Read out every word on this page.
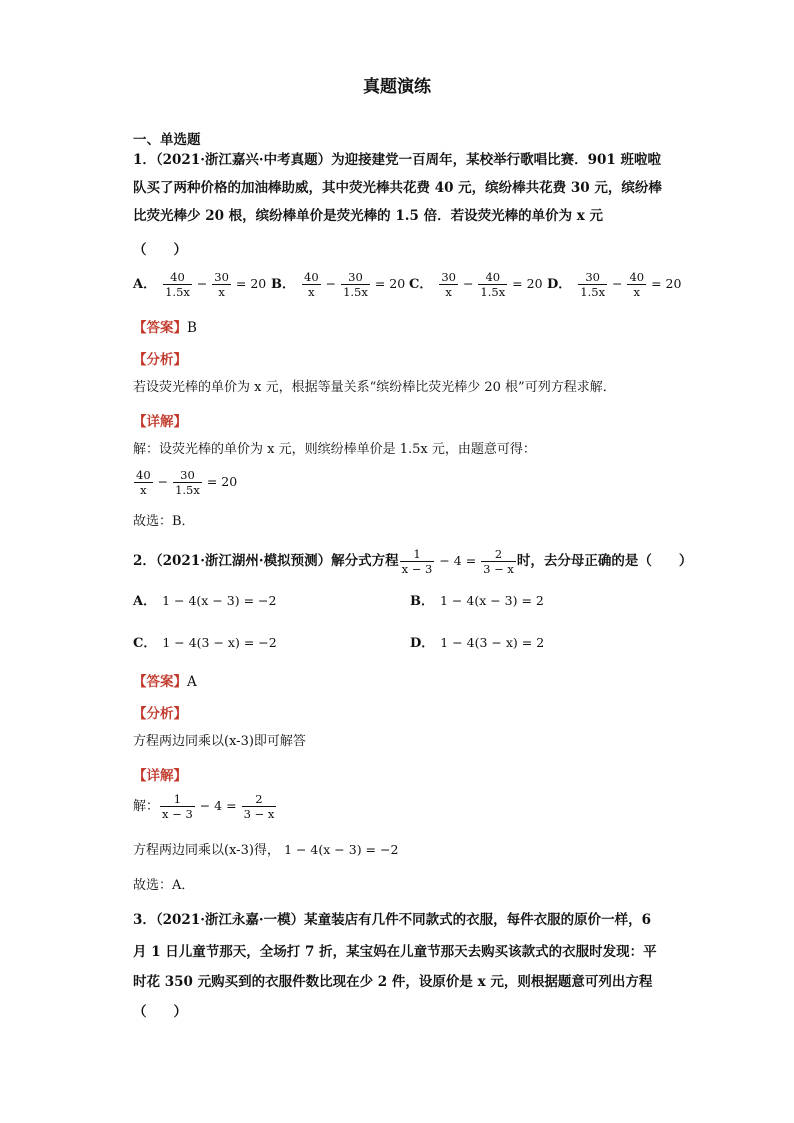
真题演练
一、单选题
1．（2021·浙江嘉兴·中考真题）为迎接建党一百周年，某校举行歌唱比赛．901 班啦啦
队买了两种价格的加油棒助威，其中荧光棒共花费 40 元，缤纷棒共花费 30 元，缤纷棒
比荧光棒少 20 根，缤纷棒单价是荧光棒的 1.5 倍．若设荧光棒的单价为 x 元
（　　）
A． $\frac{40}{1.5x} - \frac{30}{x} = 20$ B． $\frac{40}{x} - \frac{30}{1.5x} = 20$ C． $\frac{30}{x} - \frac{40}{1.5x} = 20$ D． $\frac{30}{1.5x} - \frac{40}{x} = 20$
【答案】B
【分析】
若设荧光棒的单价为 x 元，根据等量关系“缤纷棒比荧光棒少 20 根”可列方程求解．
【详解】
解：设荧光棒的单价为 x 元，则缤纷棒单价是 1.5x 元，由题意可得：
$\frac{40}{x} - \frac{30}{1.5x} = 20$
故选：B．
2．（2021·浙江湖州·模拟预测）解分式方程 $\frac{1}{x - 3} - 4 = \frac{2}{3 - x}$ 时，去分母正确的是（　　）
A． 1 − 4(x − 3) = −2	B． 1 − 4(x − 3) = 2
C． 1 − 4(3 − x) = −2	D． 1 − 4(3 − x) = 2
【答案】A
【分析】
方程两边同乘以(x-3)即可解答
【详解】
解： $\frac{1}{x - 3} - 4 = \frac{2}{3 - x}$
方程两边同乘以(x-3)得， 1 − 4(x − 3) = −2
故选：A．
3．（2021·浙江永嘉·一模）某童装店有几件不同款式的衣服，每件衣服的原价一样，6
月 1 日儿童节那天，全场打 7 折，某宝妈在儿童节那天去购买该款式的衣服时发现：平
时花 350 元购买到的衣服件数比现在少 2 件，设原价是 x 元，则根据题意可列出方程
（　　）
